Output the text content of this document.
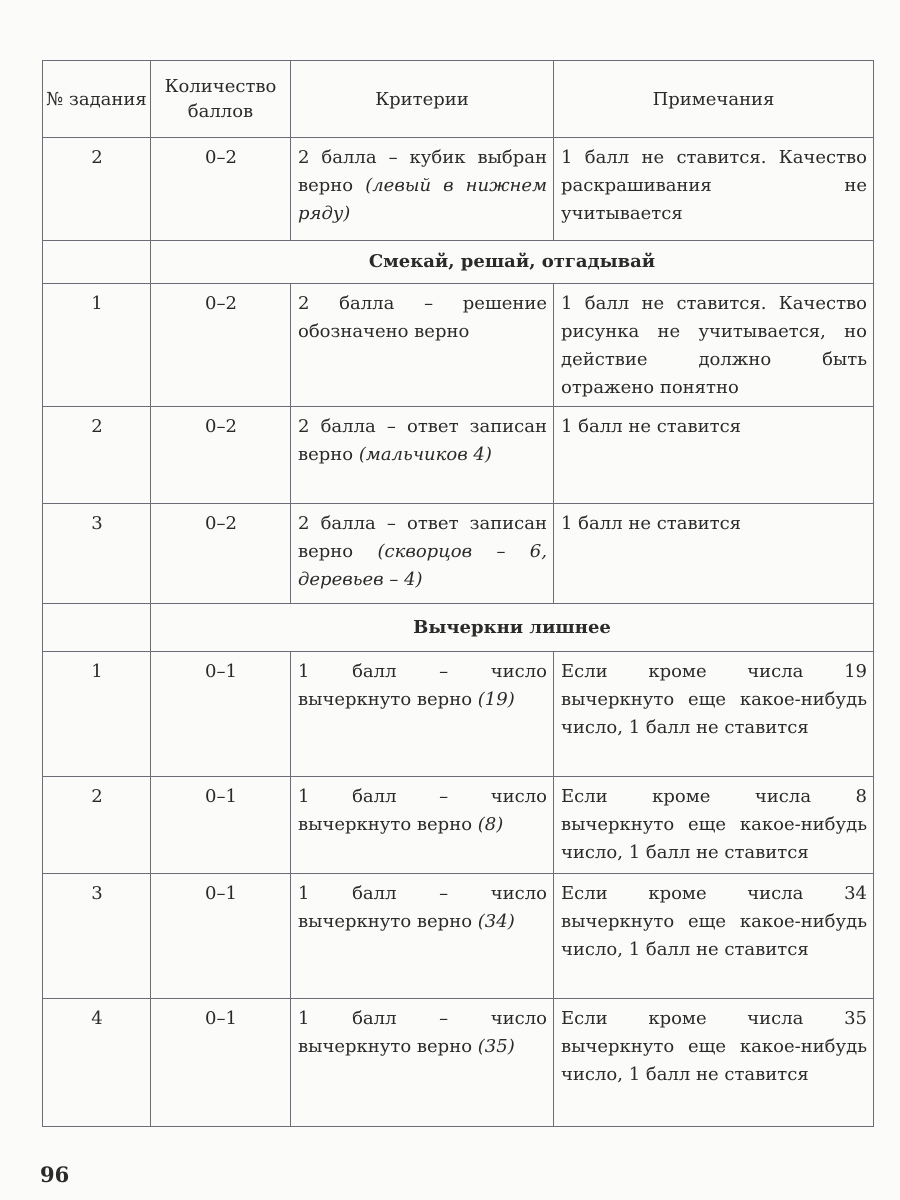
№ задания	Количество баллов	Критерии	Примечания
2	0–2	2 балла – кубик выбран верно (левый в нижнем ряду)	1 балл не ставится. Качество раскрашивания не учитывается
	Смекай, решай, отгадывай		
1	0–2	2 балла – решение обозначено верно	1 балл не ставится. Качество рисунка не учитывается, но действие должно быть отражено понятно
2	0–2	2 балла – ответ записан верно (мальчиков 4)	1 балл не ставится
3	0–2	2 балла – ответ записан верно (скворцов – 6, деревьев – 4)	1 балл не ставится
	Вычеркни лишнее		
1	0–1	1 балл – число вычеркнуто верно (19)	Если кроме числа 19 вычеркнуто еще какое-нибудь число, 1 балл не ставится
2	0–1	1 балл – число вычеркнуто верно (8)	Если кроме числа 8 вычеркнуто еще какое-нибудь число, 1 балл не ставится
3	0–1	1 балл – число вычеркнуто верно (34)	Если кроме числа 34 вычеркнуто еще какое-нибудь число, 1 балл не ставится
4	0–1	1 балл – число вычеркнуто верно (35)	Если кроме числа 35 вычеркнуто еще какое-нибудь число, 1 балл не ставится
96
